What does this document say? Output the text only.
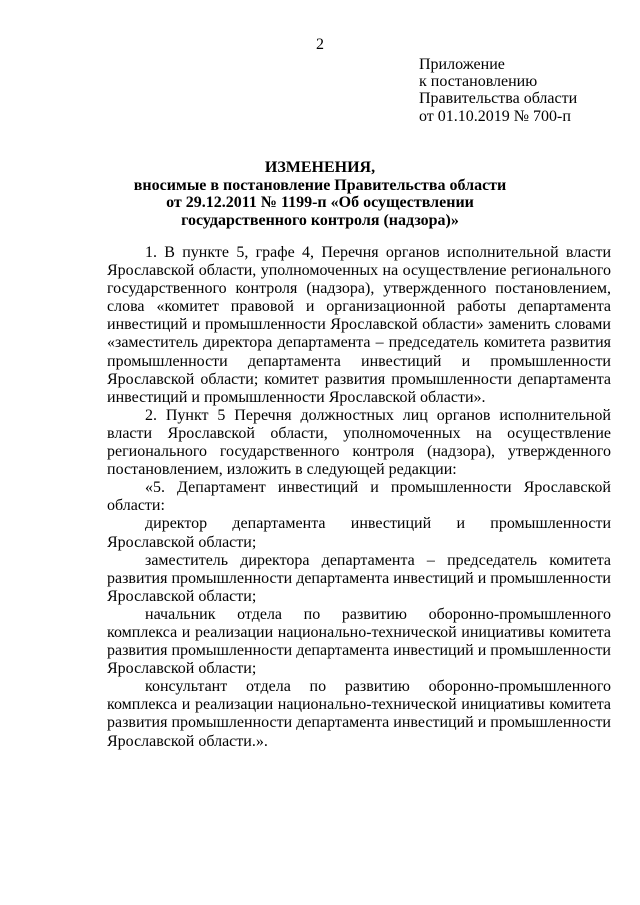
2
Приложение
к постановлению
Правительства области
от 01.10.2019 № 700-п
ИЗМЕНЕНИЯ,
вносимые в постановление Правительства области
от 29.12.2011 № 1199-п «Об осуществлении
государственного контроля (надзора)»

1. В пункте 5, графе 4, Перечня органов исполнительной власти Ярославской области, уполномоченных на осуществление регионального государственного контроля (надзора), утвержденного постановлением, слова «комитет правовой и организационной работы департамента инвестиций и промышленности Ярославской области» заменить словами «заместитель директора департамента – председатель комитета развития промышленности департамента инвестиций и промышленности Ярославской области; комитет развития промышленности департамента инвестиций и промышленности Ярославской области».

2. Пункт 5 Перечня должностных лиц органов исполнительной власти Ярославской области, уполномоченных на осуществление регионального государственного контроля (надзора), утвержденного постановлением, изложить в следующей редакции:

«5. Департамент инвестиций и промышленности Ярославской области:

директор департамента инвестиций и промышленности Ярославской области;

заместитель директора департамента – председатель комитета развития промышленности департамента инвестиций и промышленности Ярославской области;

начальник отдела по развитию оборонно-промышленного комплекса и реализации национально-технической инициативы комитета развития промышленности департамента инвестиций и промышленности Ярославской области;

консультант отдела по развитию оборонно-промышленного комплекса и реализации национально-технической инициативы комитета развития промышленности департамента инвестиций и промышленности Ярославской области.».
